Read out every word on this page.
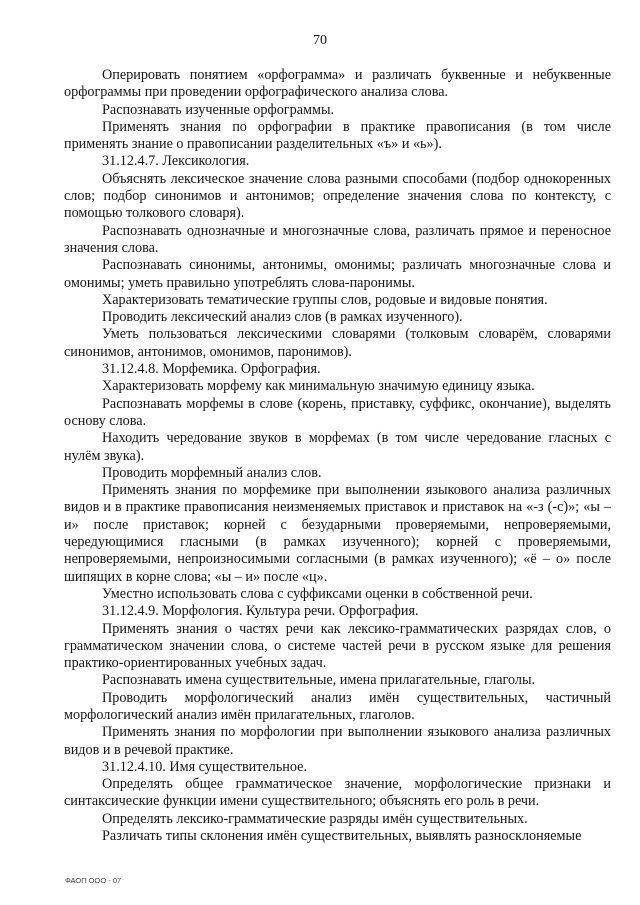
70

Оперировать понятием «орфограмма» и различать буквенные и небуквенные орфограммы при проведении орфографического анализа слова.

Распознавать изученные орфограммы.

Применять знания по орфографии в практике правописания (в том числе применять знание о правописании разделительных «ъ» и «ь»).

31.12.4.7. Лексикология.

Объяснять лексическое значение слова разными способами (подбор однокоренных слов; подбор синонимов и антонимов; определение значения слова по контексту, с помощью толкового словаря).

Распознавать однозначные и многозначные слова, различать прямое и переносное значения слова.

Распознавать синонимы, антонимы, омонимы; различать многозначные слова и омонимы; уметь правильно употреблять слова-паронимы.

Характеризовать тематические группы слов, родовые и видовые понятия.

Проводить лексический анализ слов (в рамках изученного).

Уметь пользоваться лексическими словарями (толковым словарём, словарями синонимов, антонимов, омонимов, паронимов).

31.12.4.8. Морфемика. Орфография.

Характеризовать морфему как минимальную значимую единицу языка.

Распознавать морфемы в слове (корень, приставку, суффикс, окончание), выделять основу слова.

Находить чередование звуков в морфемах (в том числе чередование гласных с нулём звука).

Проводить морфемный анализ слов.

Применять знания по морфемике при выполнении языкового анализа различных видов и в практике правописания неизменяемых приставок и приставок на «-з (-с)»; «ы – и» после приставок; корней с безударными проверяемыми, непроверяемыми, чередующимися гласными (в рамках изученного); корней с проверяемыми, непроверяемыми, непроизносимыми согласными (в рамках изученного); «ё – о» после шипящих в корне слова; «ы – и» после «ц».

Уместно использовать слова с суффиксами оценки в собственной речи.

31.12.4.9. Морфология. Культура речи. Орфография.

Применять знания о частях речи как лексико-грамматических разрядах слов, о грамматическом значении слова, о системе частей речи в русском языке для решения практико-ориентированных учебных задач.

Распознавать имена существительные, имена прилагательные, глаголы.

Проводить морфологический анализ имён существительных, частичный морфологический анализ имён прилагательных, глаголов.

Применять знания по морфологии при выполнении языкового анализа различных видов и в речевой практике.

31.12.4.10. Имя существительное.

Определять общее грамматическое значение, морфологические признаки и синтаксические функции имени существительного; объяснять его роль в речи.

Определять лексико-грамматические разряды имён существительных.

Различать типы склонения имён существительных, выявлять разносклоняемые

ФАОП ООО - 07
